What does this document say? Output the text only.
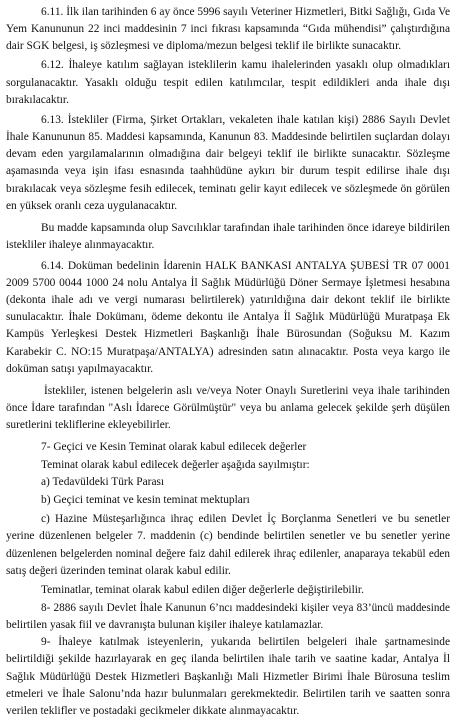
6.11. İlk ilan tarihinden 6 ay önce 5996 sayılı Veteriner Hizmetleri, Bitki Sağlığı, Gıda Ve
Yem Kanununun 22 inci maddesinin 7 inci fıkrası kapsamında “Gıda mühendisi” çalıştırdığına
dair SGK belgesi, iş sözleşmesi ve diploma/mezun belgesi teklif ile birlikte sunacaktır.
6.12. İhaleye katılım sağlayan isteklilerin kamu ihalelerinden yasaklı olup olmadıkları
sorgulanacaktır. Yasaklı olduğu tespit edilen katılımcılar, tespit edildikleri anda ihale dışı
bırakılacaktır.
6.13. İstekliler (Firma, Şirket Ortakları, vekaleten ihale katılan kişi) 2886 Sayılı Devlet
İhale Kanununun 85. Maddesi kapsamında, Kanunun 83. Maddesinde belirtilen suçlardan dolayı
devam eden yargılamalarının olmadığına dair belgeyi teklif ile birlikte sunacaktır. Sözleşme
aşamasında veya işin ifası esnasında taahhüdüne aykırı bir durum tespit edilirse ihale dışı
bırakılacak veya sözleşme fesih edilecek, teminatı gelir kayıt edilecek ve sözleşmede ön görülen
en yüksek oranlı ceza uygulanacaktır.
Bu madde kapsamında olup Savcılıklar tarafından ihale tarihinden önce idareye bildirilen
istekliler ihaleye alınmayacaktır.
6.14. Doküman bedelinin İdarenin HALK BANKASI ANTALYA ŞUBESİ TR 07 0001
2009 5700 0044 1000 24 nolu Antalya İl Sağlık Müdürlüğü Döner Sermaye İşletmesi hesabına
(dekonta ihale adı ve vergi numarası belirtilerek) yatırıldığına dair dekont teklif ile birlikte
sunulacaktır. İhale Dokümanı, ödeme dekontu ile Antalya İl Sağlık Müdürlüğü Muratpaşa Ek
Kampüs Yerleşkesi Destek Hizmetleri Başkanlığı İhale Bürosundan (Soğuksu M. Kazım
Karabekir C. NO:15 Muratpaşa/ANTALYA) adresinden satın alınacaktır. Posta veya kargo ile
doküman satışı yapılmayacaktır.
İstekliler, istenen belgelerin aslı ve/veya Noter Onaylı Suretlerini veya ihale tarihinden
önce İdare tarafından "Aslı İdarece Görülmüştür" veya bu anlama gelecek şekilde şerh düşülen
suretlerini tekliflerine ekleyebilirler.
7- Geçici ve Kesin Teminat olarak kabul edilecek değerler
Teminat olarak kabul edilecek değerler aşağıda sayılmıştır:
a) Tedavüldeki Türk Parası
b) Geçici teminat ve kesin teminat mektupları
c) Hazine Müsteşarlığınca ihraç edilen Devlet İç Borçlanma Senetleri ve bu senetler
yerine düzenlenen belgeler 7. maddenin (c) bendinde belirtilen senetler ve bu senetler yerine
düzenlenen belgelerden nominal değere faiz dahil edilerek ihraç edilenler, anaparaya tekabül eden
satış değeri üzerinden teminat olarak kabul edilir.
Teminatlar, teminat olarak kabul edilen diğer değerlerle değiştirilebilir.
8- 2886 sayılı Devlet İhale Kanunun 6’ncı maddesindeki kişiler veya 83’üncü maddesinde
belirtilen yasak fiil ve davranışta bulunan kişiler ihaleye katılamazlar.
9- İhaleye katılmak isteyenlerin, yukarıda belirtilen belgeleri ihale şartnamesinde
belirtildiği şekilde hazırlayarak en geç ilanda belirtilen ihale tarih ve saatine kadar, Antalya İl
Sağlık Müdürlüğü Destek Hizmetleri Başkanlığı Mali Hizmetler Birimi İhale Bürosuna teslim
etmeleri ve İhale Salonu’nda hazır bulunmaları gerekmektedir. Belirtilen tarih ve saatten sonra
verilen teklifler ve postadaki gecikmeler dikkate alınmayacaktır.
